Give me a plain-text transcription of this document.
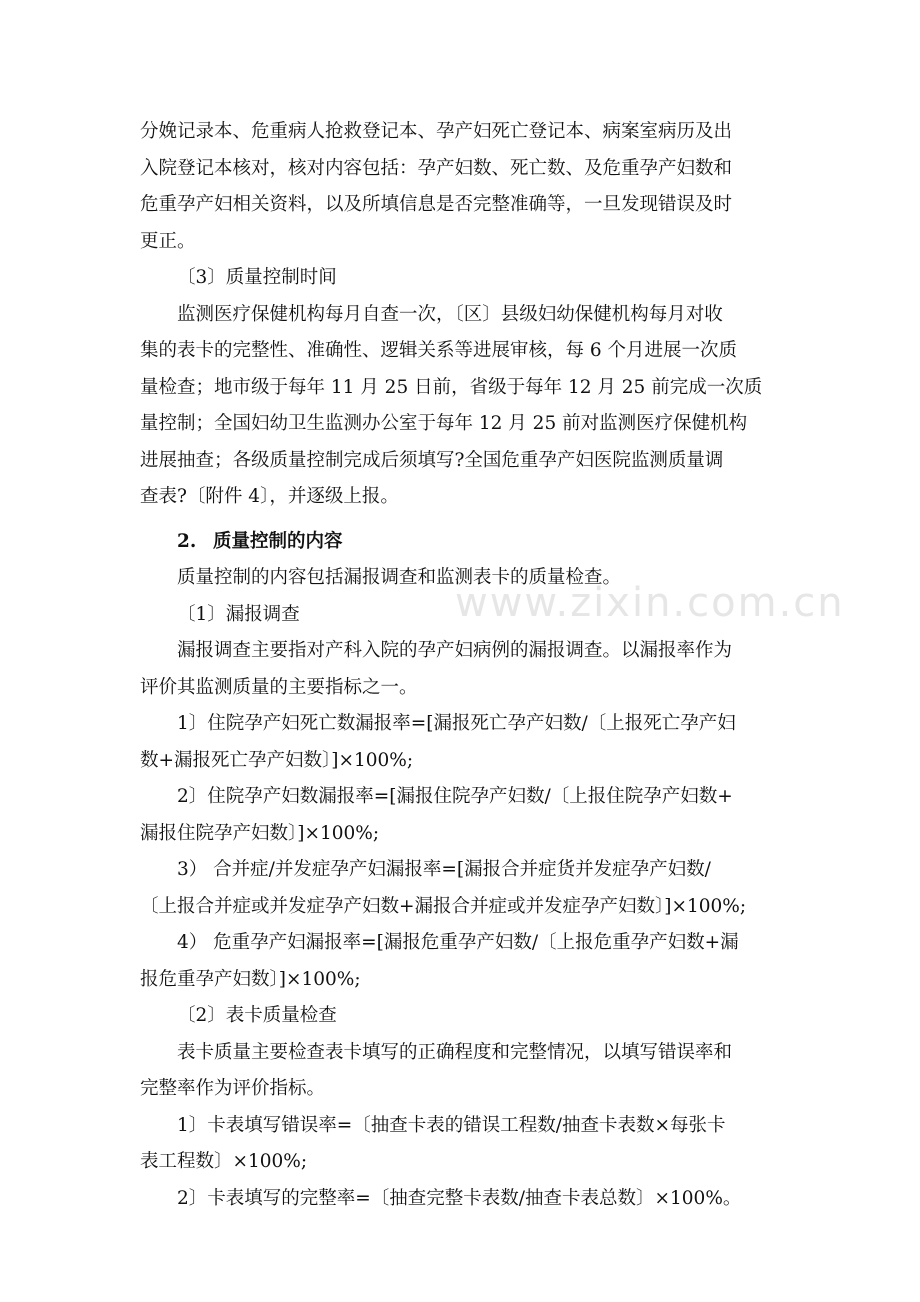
www.zixin.com.cn

分娩记录本、危重病人抢救登记本、孕产妇死亡登记本、病案室病历及出

入院登记本核对，核对内容包括：孕产妇数、死亡数、及危重孕产妇数和

危重孕产妇相关资料，以及所填信息是否完整准确等，一旦发现错误及时

更正。

〔3〕质量控制时间

监测医疗保健机构每月自查一次，〔区〕县级妇幼保健机构每月对收

集的表卡的完整性、准确性、逻辑关系等进展审核，每 6 个月进展一次质

量检查；地市级于每年 11 月 25 日前，省级于每年 12 月 25 前完成一次质

量控制；全国妇幼卫生监测办公室于每年 12 月 25 前对监测医疗保健机构

进展抽查；各级质量控制完成后须填写?全国危重孕产妇医院监测质量调

查表?〔附件 4〕，并逐级上报。

2. 质量控制的内容

质量控制的内容包括漏报调查和监测表卡的质量检查。

〔1〕漏报调查

漏报调查主要指对产科入院的孕产妇病例的漏报调查。以漏报率作为

评价其监测质量的主要指标之一。

1〕住院孕产妇死亡数漏报率=[漏报死亡孕产妇数/〔上报死亡孕产妇

数+漏报死亡孕产妇数〕]×100%;

2〕住院孕产妇数漏报率=[漏报住院孕产妇数/〔上报住院孕产妇数+

漏报住院孕产妇数〕]×100%;

3） 合并症/并发症孕产妇漏报率=[漏报合并症货并发症孕产妇数/

〔上报合并症或并发症孕产妇数+漏报合并症或并发症孕产妇数〕]×100%;

4） 危重孕产妇漏报率=[漏报危重孕产妇数/〔上报危重孕产妇数+漏

报危重孕产妇数〕]×100%;

〔2〕表卡质量检查

表卡质量主要检查表卡填写的正确程度和完整情况，以填写错误率和

完整率作为评价指标。

1〕卡表填写错误率=〔抽查卡表的错误工程数/抽查卡表数×每张卡

表工程数〕×100%;

2〕卡表填写的完整率=〔抽查完整卡表数/抽查卡表总数〕×100%。
